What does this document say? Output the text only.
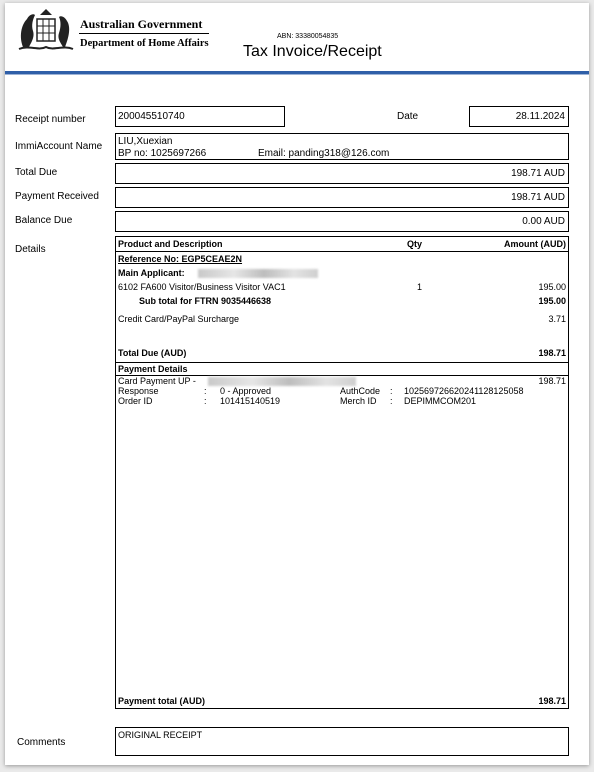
Australian Government
Department of Home Affairs
ABN: 33380054835
Tax Invoice/Receipt
Receipt number	200045510740	Date	28.11.2024
ImmiAccount Name LIU,Xuexian
BP no: 1025697266	Email: panding318@126.com
Total Due	198.71 AUD
Payment Received	198.71 AUD
Balance Due	0.00 AUD
Details	Product and Description	Qty	Amount (AUD)
Reference No: EGP5CEAE2N
Main Applicant:
6102 FA600 Visitor/Business Visitor VAC1	1	195.00
Sub total for FTRN 9035446638	195.00
Credit Card/PayPal Surcharge	3.71
Total Due (AUD)	198.71
Payment Details
Card Payment UP -	198.71
Response	: 0 - Approved	AuthCode : 10256972662024112812505​8
Order ID	: 101415140519	Merch ID : DEPIMMCOM201
Payment total (AUD)	198.71
Comments
ORIGINAL RECEIPT
